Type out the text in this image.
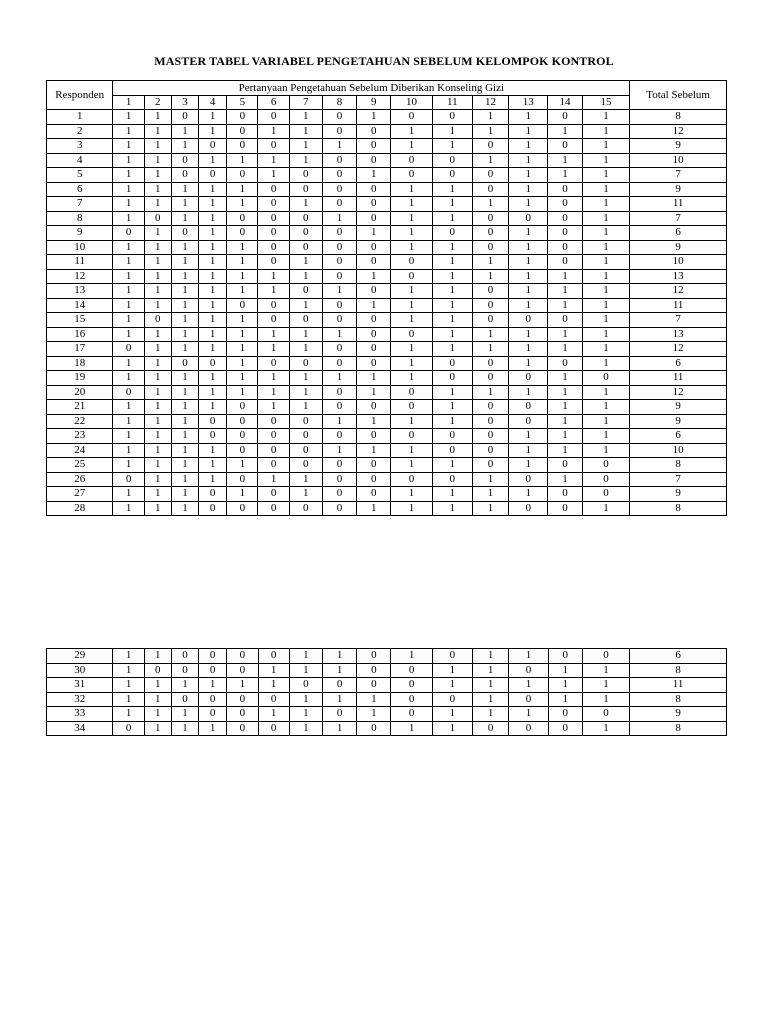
MASTER TABEL VARIABEL PENGETAHUAN SEBELUM KELOMPOK KONTROL
Responden	Pertanyaan Pengetahuan Sebelum Diberikan Konseling Gizi															Total Sebelum
	1	2	3	4	5	6	7	8	9	10	11	12	13	14	15	
1	1	1	0	1	0	0	1	0	1	0	0	1	1	0	1	8
2	1	1	1	1	0	1	1	0	0	1	1	1	1	1	1	12
3	1	1	1	0	0	0	1	1	0	1	1	0	1	0	1	9
4	1	1	0	1	1	1	1	0	0	0	0	1	1	1	1	10
5	1	1	0	0	0	1	0	0	1	0	0	0	1	1	1	7
6	1	1	1	1	1	0	0	0	0	1	1	0	1	0	1	9
7	1	1	1	1	1	0	1	0	0	1	1	1	1	0	1	11
8	1	0	1	1	0	0	0	1	0	1	1	0	0	0	1	7
9	0	1	0	1	0	0	0	0	1	1	0	0	1	0	1	6
10	1	1	1	1	1	0	0	0	0	1	1	0	1	0	1	9
11	1	1	1	1	1	0	1	0	0	0	1	1	1	0	1	10
12	1	1	1	1	1	1	1	0	1	0	1	1	1	1	1	13
13	1	1	1	1	1	1	0	1	0	1	1	0	1	1	1	12
14	1	1	1	1	0	0	1	0	1	1	1	0	1	1	1	11
15	1	0	1	1	1	0	0	0	0	1	1	0	0	0	1	7
16	1	1	1	1	1	1	1	1	0	0	1	1	1	1	1	13
17	0	1	1	1	1	1	1	0	0	1	1	1	1	1	1	12
18	1	1	0	0	1	0	0	0	0	1	0	0	1	0	1	6
19	1	1	1	1	1	1	1	1	1	1	0	0	0	1	0	11
20	0	1	1	1	1	1	1	0	1	0	1	1	1	1	1	12
21	1	1	1	1	0	1	1	0	0	0	1	0	0	1	1	9
22	1	1	1	0	0	0	0	1	1	1	1	0	0	1	1	9
23	1	1	1	0	0	0	0	0	0	0	0	0	1	1	1	6
24	1	1	1	1	0	0	0	1	1	1	0	0	1	1	1	10
25	1	1	1	1	1	0	0	0	0	1	1	0	1	0	0	8
26	0	1	1	1	0	1	1	0	0	0	0	1	0	1	0	7
27	1	1	1	0	1	0	1	0	0	1	1	1	1	0	0	9
28	1	1	1	0	0	0	0	0	1	1	1	1	0	0	1	8
29	1	1	0	0	0	0	1	1	0	1	0	1	1	0	0	6
30	1	0	0	0	0	1	1	1	0	0	1	1	0	1	1	8
31	1	1	1	1	1	1	0	0	0	0	1	1	1	1	1	11
32	1	1	0	0	0	0	1	1	1	0	0	1	0	1	1	8
33	1	1	1	0	0	1	1	0	1	0	1	1	1	0	0	9
34	0	1	1	1	0	0	1	1	0	1	1	0	0	0	1	8
